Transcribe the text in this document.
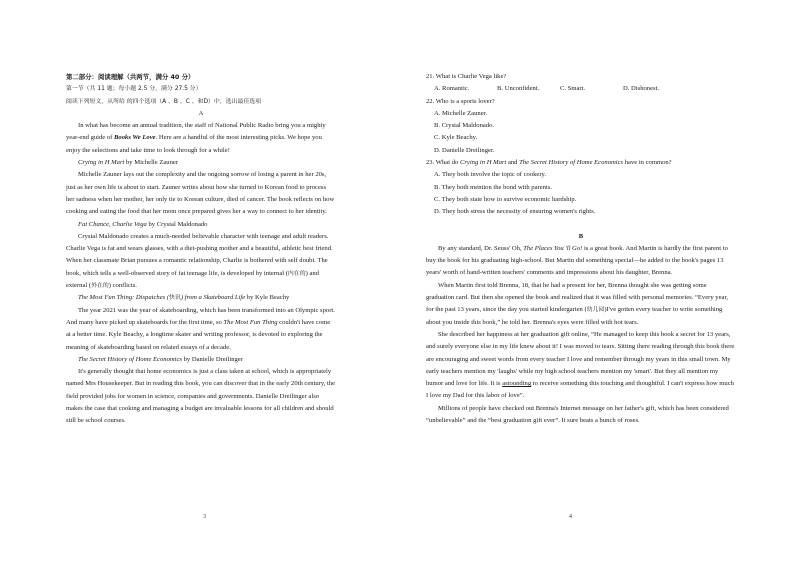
第二部分：阅读理解（共两节，满分 40 分）

第一节（共 11 题；每小题 2.5 分，满分 27.5 分）

阅读下列短文，从所给 的四个选项（A 、B 、C 、和D）中，选出最佳选项

A

In what has become an annual tradition, the staff of National Public Radio bring you a mighty year-end guide of Books We Love. Here are a handful of the most interesting picks. We hope you enjoy the selections and take time to look through for a while!

Crying in H Mart by Michelle Zauner

Michelle Zauner lays out the complexity and the ongoing sorrow of losing a parent in her 20s, just as her own life is about to start. Zauner writes about how she turned to Korean food to process her sadness when her mother, her only tie to Korean culture, died of cancer. The book reflects on how cooking and eating the food that her mom once prepared gives her a way to connect to her identity.

Fat Chance, Charlie Vega by Crystal Maldonado

Crystal Maldonado creates a much-needed believable character with teenage and adult readers. Charlie Vega is fat and wears glasses, with a diet-pushing mother and a beautiful, athletic best friend. When her classmate Brian pursues a romantic relationship, Charlie is bothered with self doubt. The book, which tells a well-observed story of fat teenage life, is developed by internal (内在的) and external (外在的) conflicts.

The Most Fun Thing: Dispatches (快讯) from a Skateboard Life by Kyle Beachy

The year 2021 was the year of skateboarding, which has been transformed into an Olympic sport. And many have picked up skateboards for the first time, so The Most Fun Thing couldn't have come at a better time. Kyle Beachy, a longtime skater and writing professor, is devoted to exploring the meaning of skateboarding based on related essays of a decade.

The Secret History of Home Economics by Danielle Dreilinger

It's generally thought that home economics is just a class taken at school, which is appropriately named Mrs Housekeeper. But in reading this book, you can discover that in the early 20th century, the field provided jobs for women in science, companies and governments. Danielle Dreilinger also makes the case that cooking and managing a budget are invaluable lessons for all children and should still be school courses.

3

21. What is Charlie Vega like?

A. Romantic.	B. Unconfident.	C. Smart.	D. Dishonest.

22. Who is a sports lover?

A. Michelle Zauner.

B. Crystal Maldonado.

C. Kyle Beachy.

D. Danielle Dreilinger.

23. What do Crying in H Mart and The Secret History of Home Economics have in common?

A. They both involve the topic of cookery.

B. They both mention the bond with parents.

C. They both state how to survive economic hardship.

D. They both stress the necessity of ensuring women's rights.

B

By any standard, Dr. Seuss' Oh, The Places You 'll Go! is a great book. And Martin is hardly the first parent to buy the book for his graduating high-school. But Martin did something special—he added to the book's pages 13 years' worth of hand-written teachers' comments and impressions about his daughter, Brenna.

When Martin first told Brenna, 18, that he had a present for her, Brenna thought she was getting some graduation card. But then she opened the book and realized that it was filled with personal memories. “Every year, for the past 13 years, since the day you started kindergarten (幼儿园)I've gotten every teacher to write something about you inside this book,” he told her. Brenna's eyes were filled with hot tears.

She described her happiness at her graduation gift online, “He managed to keep this book a secret for 13 years, and surely everyone else in my life knew about it! I was moved to tears. Sitting there reading through this book there are encouraging and sweet words from every teacher I love and remember through my years in this small town. My early teachers mention my 'laughs' while my high school teachers mention my 'smart'. But they all mention my humor and love for life. It is astounding to receive something this touching and thoughtful. I can't express how much I love my Dad for this labor of love”.

Millions of people have checked out Brenna's Internet message on her father's gift, which has been considered “unbelievable” and the “best graduation gift ever”. It sure beats a bunch of roses.

4
